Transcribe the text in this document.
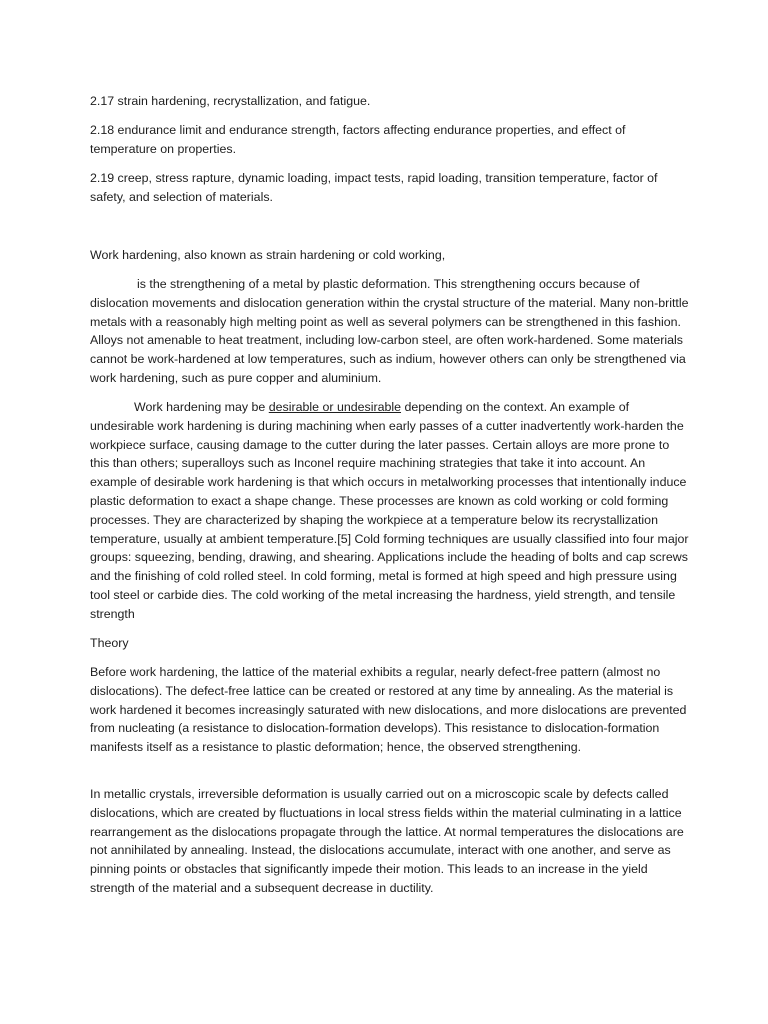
2.17 strain hardening, recrystallization, and fatigue.

2.18 endurance limit and endurance strength, factors affecting endurance properties, and effect of temperature on properties.

2.19 creep, stress rapture, dynamic loading, impact tests, rapid loading, transition temperature, factor of safety, and selection of materials.

Work hardening, also known as strain hardening or cold working,

is the strengthening of a metal by plastic deformation. This strengthening occurs because of dislocation movements and dislocation generation within the crystal structure of the material. Many non-brittle metals with a reasonably high melting point as well as several polymers can be strengthened in this fashion. Alloys not amenable to heat treatment, including low-carbon steel, are often work-hardened. Some materials cannot be work-hardened at low temperatures, such as indium, however others can only be strengthened via work hardening, such as pure copper and aluminium.

Work hardening may be desirable or undesirable depending on the context. An example of undesirable work hardening is during machining when early passes of a cutter inadvertently work-harden the workpiece surface, causing damage to the cutter during the later passes. Certain alloys are more prone to this than others; superalloys such as Inconel require machining strategies that take it into account. An example of desirable work hardening is that which occurs in metalworking processes that intentionally induce plastic deformation to exact a shape change. These processes are known as cold working or cold forming processes. They are characterized by shaping the workpiece at a temperature below its recrystallization temperature, usually at ambient temperature.[5] Cold forming techniques are usually classified into four major groups: squeezing, bending, drawing, and shearing. Applications include the heading of bolts and cap screws and the finishing of cold rolled steel. In cold forming, metal is formed at high speed and high pressure using tool steel or carbide dies. The cold working of the metal increasing the hardness, yield strength, and tensile strength

Theory

Before work hardening, the lattice of the material exhibits a regular, nearly defect-free pattern (almost no dislocations). The defect-free lattice can be created or restored at any time by annealing. As the material is work hardened it becomes increasingly saturated with new dislocations, and more dislocations are prevented from nucleating (a resistance to dislocation-formation develops). This resistance to dislocation-formation manifests itself as a resistance to plastic deformation; hence, the observed strengthening.

In metallic crystals, irreversible deformation is usually carried out on a microscopic scale by defects called dislocations, which are created by fluctuations in local stress fields within the material culminating in a lattice rearrangement as the dislocations propagate through the lattice. At normal temperatures the dislocations are not annihilated by annealing. Instead, the dislocations accumulate, interact with one another, and serve as pinning points or obstacles that significantly impede their motion. This leads to an increase in the yield strength of the material and a subsequent decrease in ductility.
